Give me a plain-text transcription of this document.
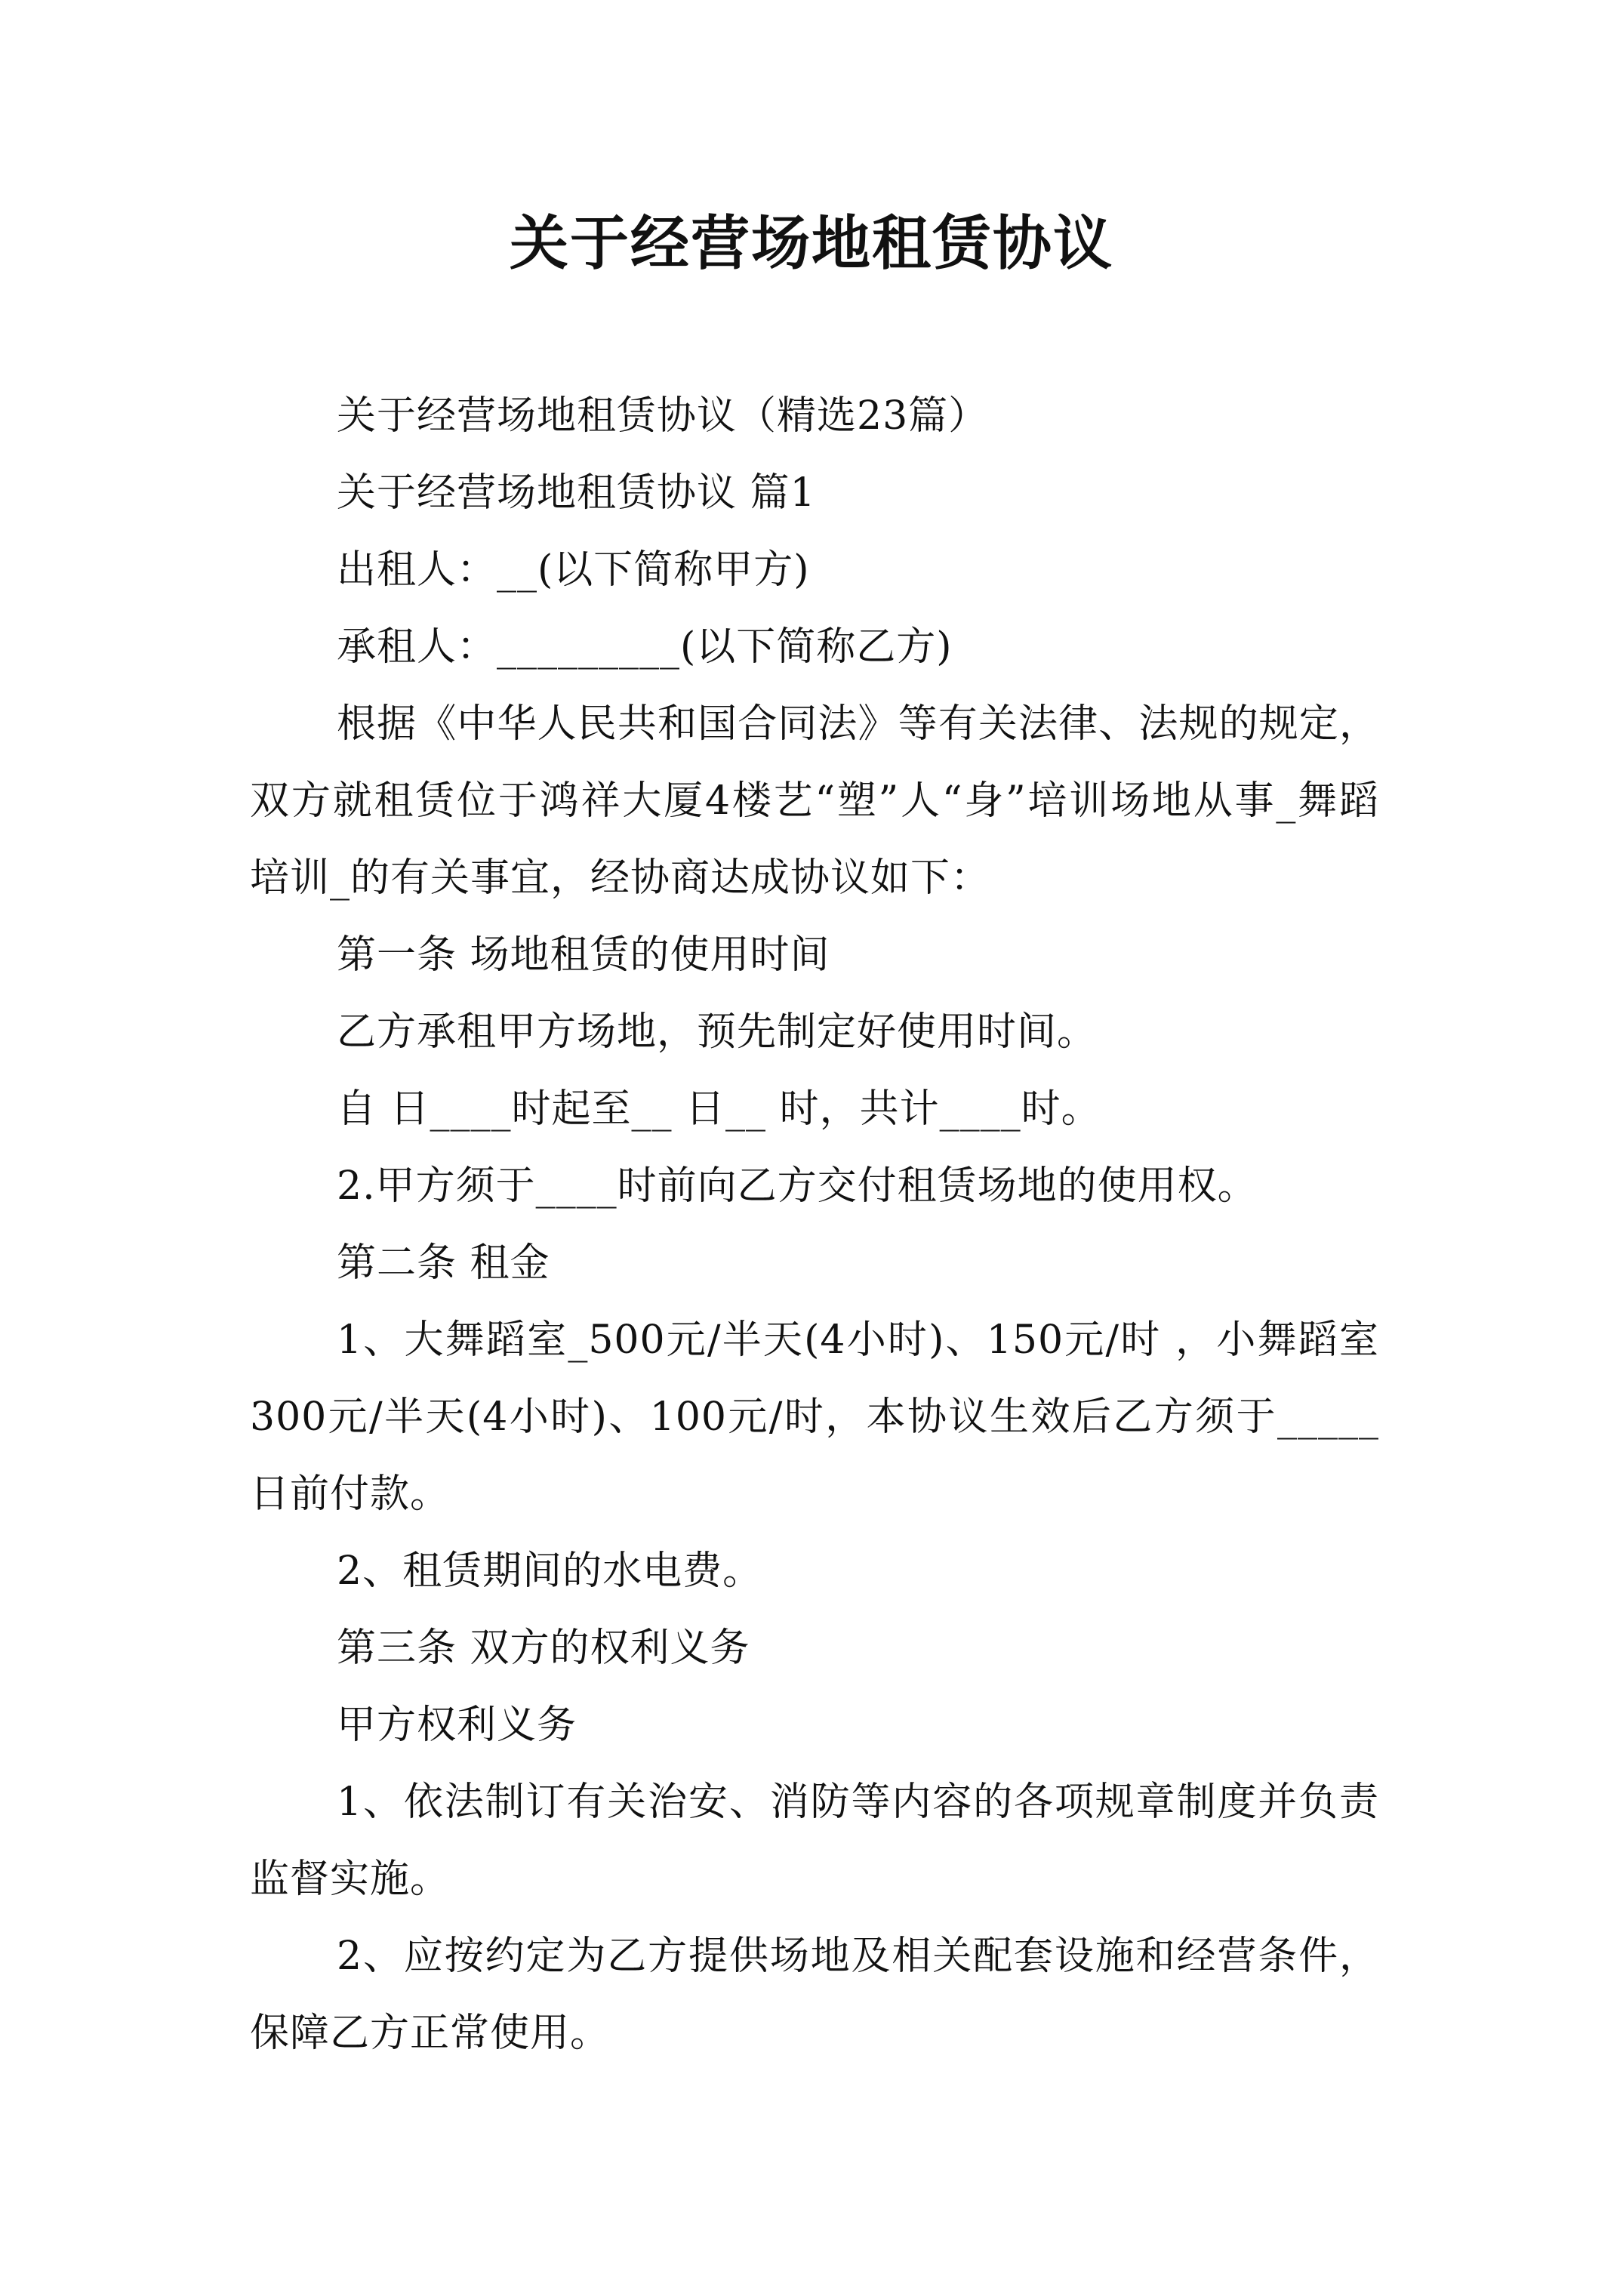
关于经营场地租赁协议

关于经营场地租赁协议（精选23篇）

关于经营场地租赁协议 篇1

出租人：__(以下简称甲方)

承租人：_________(以下简称乙方)

根据《中华人民共和国合同法》等有关法律、法规的规定，双方就租赁位于鸿祥大厦4楼艺“塑”人“身”培训场地从事_舞蹈培训_的有关事宜，经协商达成协议如下：

第一条 场地租赁的使用时间

乙方承租甲方场地，预先制定好使用时间。

自 日____时起至__ 日__ 时，共计____时。

2.甲方须于____时前向乙方交付租赁场地的使用权。

第二条 租金

1、大舞蹈室_500元/半天(4小时)、150元/时 ，小舞蹈室 300元/半天(4小时)、100元/时，本协议生效后乙方须于_____日前付款。

2、租赁期间的水电费。

第三条 双方的权利义务

甲方权利义务

1、依法制订有关治安、消防等内容的各项规章制度并负责监督实施。

2、应按约定为乙方提供场地及相关配套设施和经营条件，保障乙方正常使用。
